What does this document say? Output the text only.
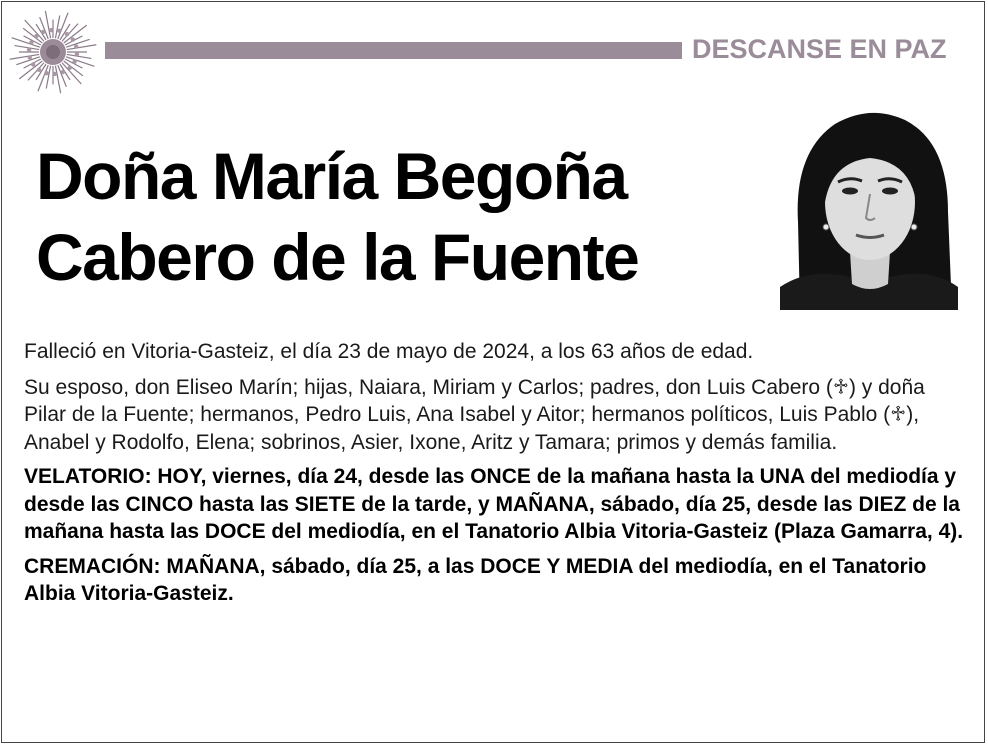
DESCANSE EN PAZ
Doña María Begoña
Cabero de la Fuente

Falleció en Vitoria-Gasteiz, el día 23 de mayo de 2024, a los 63 años de edad.

Su esposo, don Eliseo Marín; hijas, Naiara, Miriam y Carlos; padres, don Luis Cabero (♱) y doña Pilar de la Fuente; hermanos, Pedro Luis, Ana Isabel y Aitor; hermanos políticos, Luis Pablo (♱), Anabel y Rodolfo, Elena; sobrinos, Asier, Ixone, Aritz y Tamara; primos y demás familia.

VELATORIO: HOY, viernes, día 24, desde las ONCE de la mañana hasta la UNA del mediodía y desde las CINCO hasta las SIETE de la tarde, y MAÑANA, sábado, día 25, desde las DIEZ de la mañana hasta las DOCE del mediodía, en el Tanatorio Albia Vitoria-Gasteiz (Plaza Gamarra, 4).

CREMACIÓN: MAÑANA, sábado, día 25, a las DOCE Y MEDIA del mediodía, en el Tanatorio Albia Vitoria-Gasteiz.
